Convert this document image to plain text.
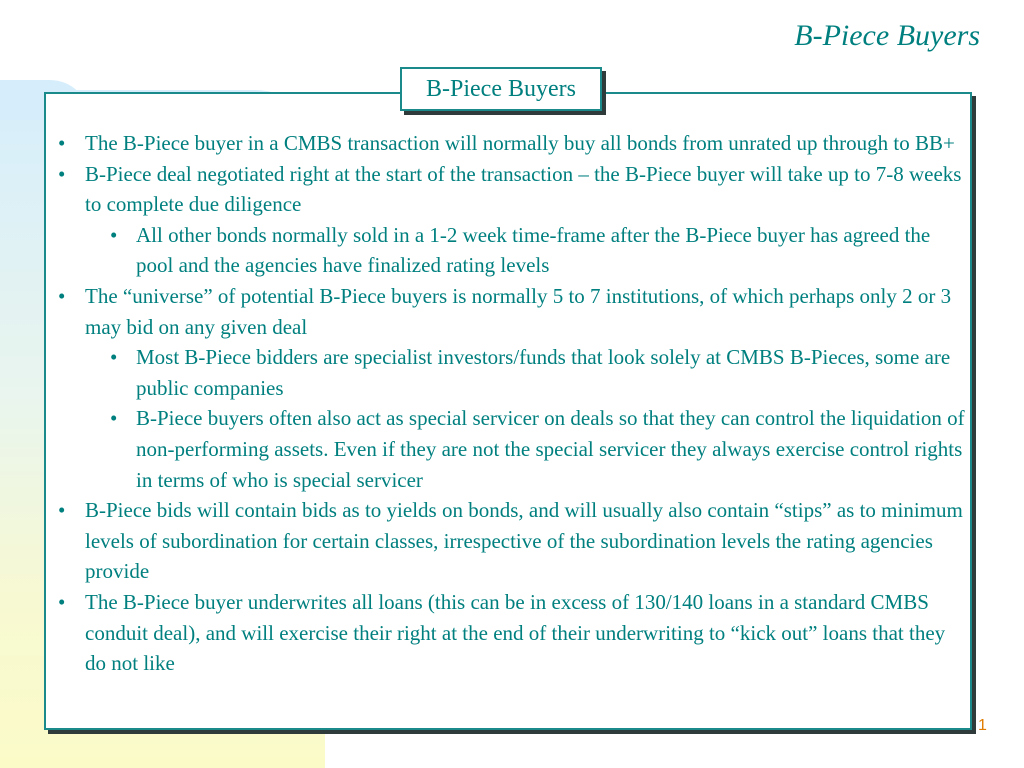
B-Piece Buyers
B-Piece Buyers
• The B-Piece buyer in a CMBS transaction will normally buy all bonds from unrated up through to BB+
• B-Piece deal negotiated right at the start of the transaction – the B-Piece buyer will take up to 7-8 weeks to complete due diligence
• All other bonds normally sold in a 1-2 week time-frame after the B-Piece buyer has agreed the pool and the agencies have finalized rating levels
• The “universe” of potential B-Piece buyers is normally 5 to 7 institutions, of which perhaps only 2 or 3 may bid on any given deal
• Most B-Piece bidders are specialist investors/funds that look solely at CMBS B-Pieces, some are public companies
• B-Piece buyers often also act as special servicer on deals so that they can control the liquidation of non-performing assets. Even if they are not the special servicer they always exercise control rights in terms of who is special servicer
• B-Piece bids will contain bids as to yields on bonds, and will usually also contain “stips” as to minimum levels of subordination for certain classes, irrespective of the subordination levels the rating agencies provide
• The B-Piece buyer underwrites all loans (this can be in excess of 130/140 loans in a standard CMBS conduit deal), and will exercise their right at the end of their underwriting to “kick out” loans that they do not like
1
